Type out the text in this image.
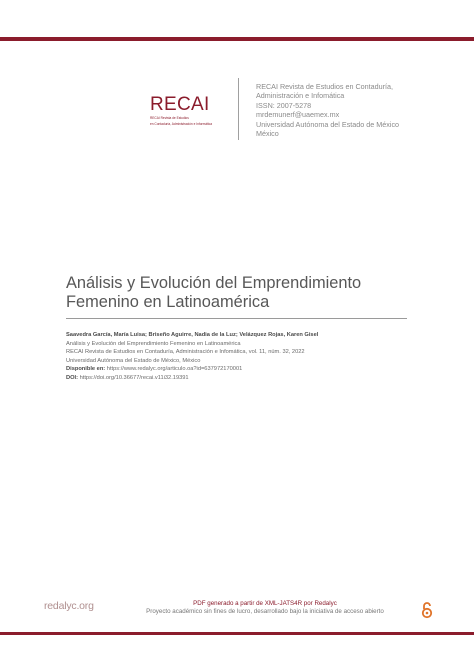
RECAI
RECAI Revista de Estudios
en Contaduría, Administración e Informática
RECAI Revista de Estudios en Contaduría,
Administración e Infomática
ISSN: 2007-5278
mrdemunerf@uaemex.mx
Universidad Autónoma del Estado de México
México
Análisis y Evolución del Emprendimiento
Femenino en Latinoamérica
Saavedra García, María Luisa; Briseño Aguirre, Nadia de la Luz; Velázquez Rojas, Karen Gisel
Análisis y Evolución del Emprendimiento Femenino en Latinoamérica
RECAI Revista de Estudios en Contaduría, Administración e Infomática, vol. 11, núm. 32, 2022
Universidad Autónoma del Estado de México, México
Disponible en: https://www.redalyc.org/articulo.oa?id=637972170001
DOI: https://doi.org/10.36677/recai.v11i32.19391
redalyc.org	PDF generado a partir de XML-JATS4R por Redalyc
Proyecto académico sin fines de lucro, desarrollado bajo la iniciativa de acceso abierto
